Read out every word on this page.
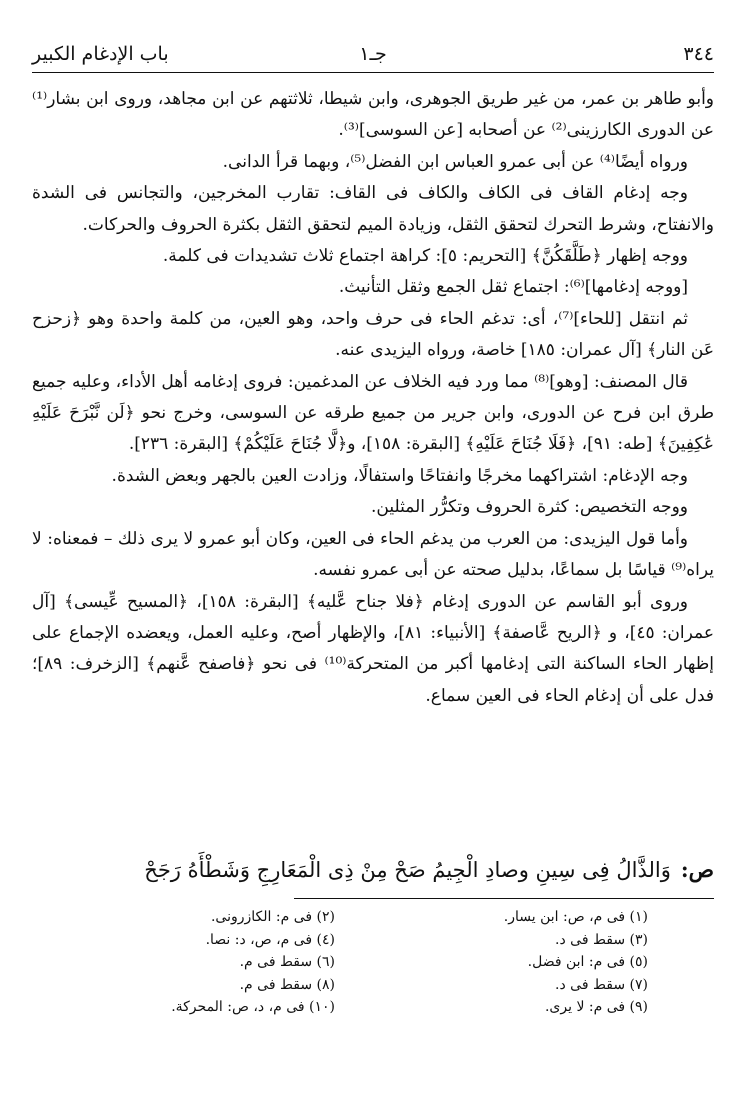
٣٤٤
جـ١
باب الإدغام الكبير

وأبو طاهر بن عمر، من غير طريق الجوهرى، وابن شيطا، ثلاثتهم عن ابن مجاهد، وروى ابن بشار⁽¹⁾ عن الدورى الكارزينى⁽²⁾ عن أصحابه [عن السوسى]⁽³⁾.

ورواه أيضًا⁽⁴⁾ عن أبى عمرو العباس ابن الفضل⁽⁵⁾، وبهما قرأ الدانى.

وجه إدغام القاف فى الكاف والكاف فى القاف: تقارب المخرجين، والتجانس فى الشدة والانفتاح، وشرط التحرك لتحقق الثقل، وزيادة الميم لتحقق الثقل بكثرة الحروف والحركات.

ووجه إظهار ﴿طَلَّقَكُنَّ﴾ [التحريم: ٥]: كراهة اجتماع ثلاث تشديدات فى كلمة.

[ووجه إدغامها]⁽⁶⁾: اجتماع ثقل الجمع وثقل التأنيث.

ثم انتقل [للحاء]⁽⁷⁾، أى: تدغم الحاء فى حرف واحد، وهو العين، من كلمة واحدة وهو ﴿زحزح عَن النار﴾ [آل عمران: ١٨٥] خاصة، ورواه اليزيدى عنه.

قال المصنف: [وهو]⁽⁸⁾ مما ورد فيه الخلاف عن المدغمين: فروى إدغامه أهل الأداء، وعليه جميع طرق ابن فرح عن الدورى، وابن جرير من جميع طرقه عن السوسى، وخرج نحو ﴿لَن نَّبْرَحَ عَلَيْهِ عَٰكِفِينَ﴾ [طه: ٩١]، ﴿فَلَا جُنَاحَ عَلَيْهِ﴾ [البقرة: ١٥٨]، و﴿لَّا جُنَاحَ عَلَيْكُمْ﴾ [البقرة: ٢٣٦].

وجه الإدغام: اشتراكهما مخرجًا وانفتاحًا واستفالًا، وزادت العين بالجهر وبعض الشدة.

ووجه التخصيص: كثرة الحروف وتكرُّر المثلين.

وأما قول اليزيدى: من العرب من يدغم الحاء فى العين، وكان أبو عمرو لا يرى ذلك – فمعناه: لا يراه⁽⁹⁾ قياسًا بل سماعًا، بدليل صحته عن أبى عمرو نفسه.

وروى أبو القاسم عن الدورى إدغام ﴿فلا جناح عَّليه﴾ [البقرة: ١٥٨]، ﴿المسيح عِّيسى﴾ [آل عمران: ٤٥]، و ﴿الريح عَّاصفة﴾ [الأنبياء: ٨١]، والإظهار أصح، وعليه العمل، ويعضده الإجماع على إظهار الحاء الساكنة التى إدغامها أكبر من المتحركة⁽¹⁰⁾ فى نحو ﴿فاصفح عَّنهم﴾ [الزخرف: ٨٩]؛ فدل على أن إدغام الحاء فى العين سماع.

ص:
وَالذَّالُ فِى سِينِ وصادِ الْجِيمُ صَحْ مِنْ ذِى الْمَعَارِجِ وَشَطْأَهُ رَجَحْ
(١) فى م، ص: ابن يسار.
(٢) فى م: الكازرونى.
(٣) سقط فى د.
(٤) فى م، ص، د: نصا.
(٥) فى م: ابن فضل.
(٦) سقط فى م.
(٧) سقط فى د.
(٨) سقط فى م.
(٩) فى م: لا يرى.
(١٠) فى م، د، ص: المحركة.
